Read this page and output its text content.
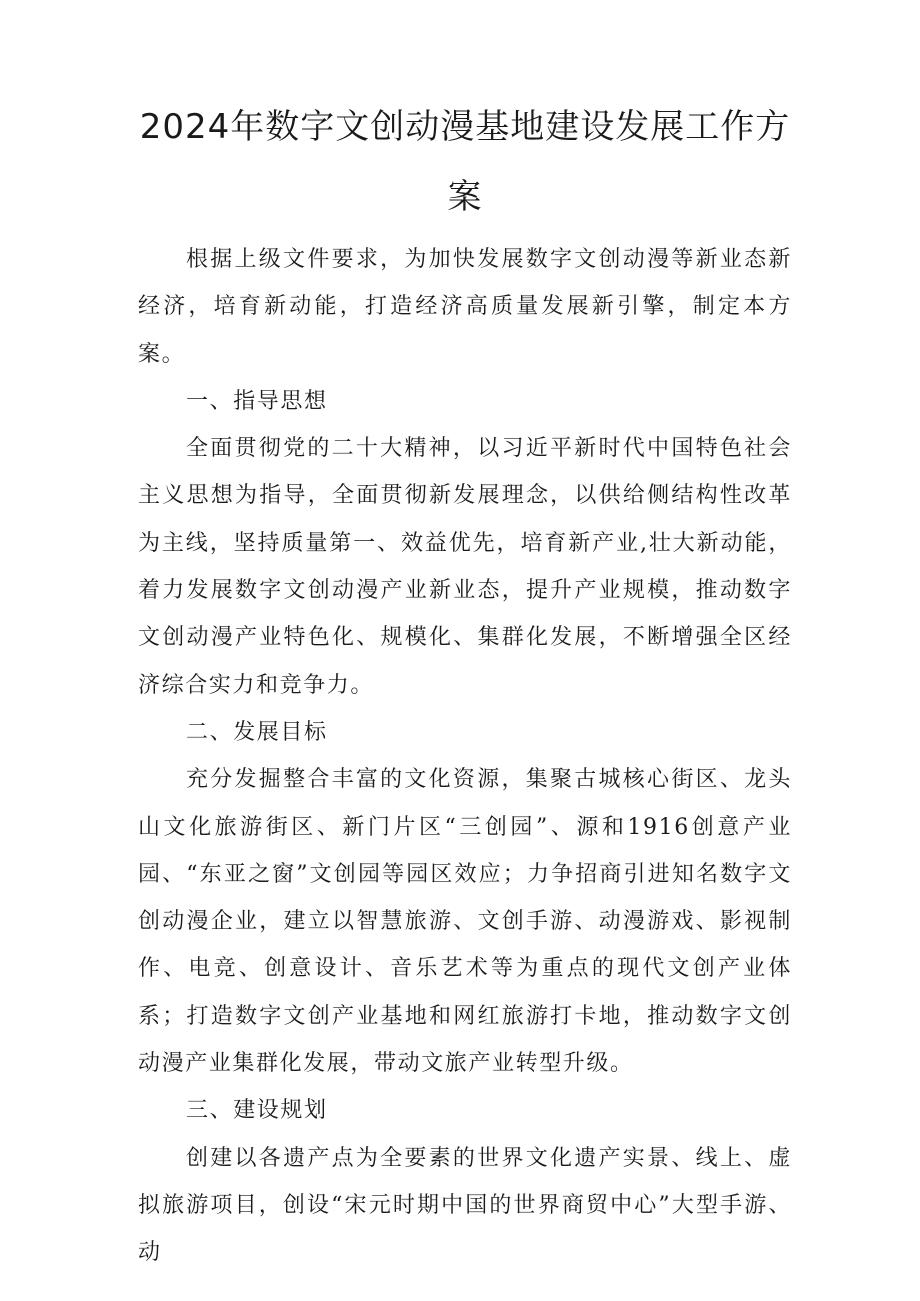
2024年数字文创动漫基地建设发展工作方
案

根据上级文件要求，为加快发展数字文创动漫等新业态新经济，培育新动能，打造经济高质量发展新引擎，制定本方案。

一、指导思想

全面贯彻党的二十大精神，以习近平新时代中国特色社会主义思想为指导，全面贯彻新发展理念，以供给侧结构性改革为主线，坚持质量第一、效益优先，培育新产业,壮大新动能，着力发展数字文创动漫产业新业态，提升产业规模，推动数字文创动漫产业特色化、规模化、集群化发展，不断增强全区经济综合实力和竞争力。

二、发展目标

充分发掘整合丰富的文化资源，集聚古城核心街区、龙头山文化旅游街区、新门片区“三创园”、源和1916创意产业园、“东亚之窗”文创园等园区效应；力争招商引进知名数字文创动漫企业，建立以智慧旅游、文创手游、动漫游戏、影视制作、电竞、创意设计、音乐艺术等为重点的现代文创产业体系；打造数字文创产业基地和网红旅游打卡地，推动数字文创动漫产业集群化发展，带动文旅产业转型升级。

三、建设规划

创建以各遗产点为全要素的世界文化遗产实景、线上、虚拟旅游项目，创设“宋元时期中国的世界商贸中心”大型手游、动
